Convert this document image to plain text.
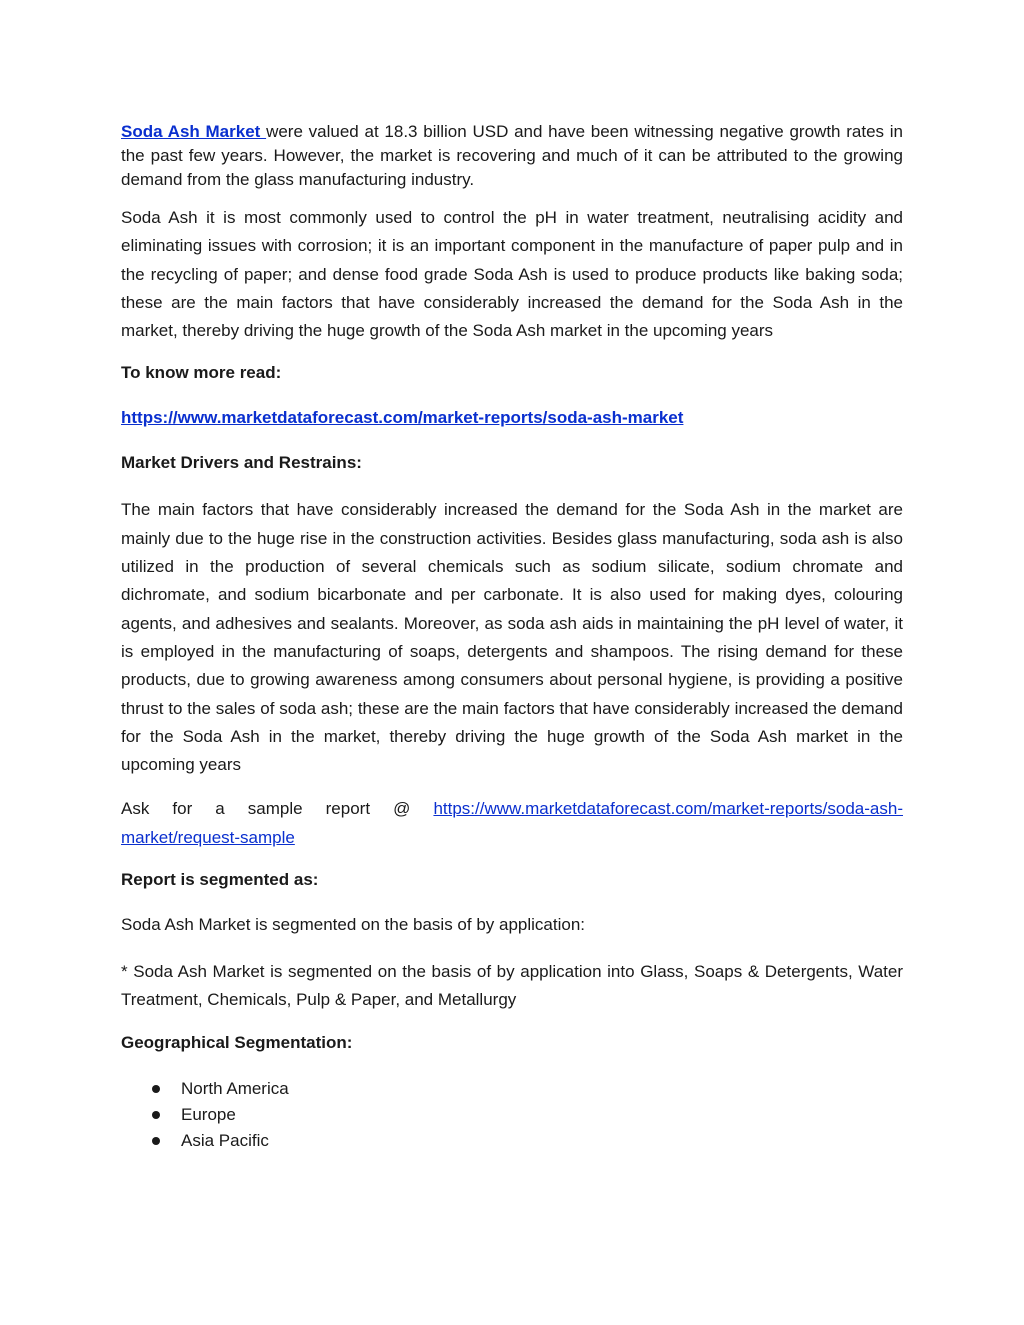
Soda Ash Market were valued at 18.3 billion USD and have been witnessing negative growth rates in the past few years. However, the market is recovering and much of it can be attributed to the growing demand from the glass manufacturing industry.

Soda Ash it is most commonly used to control the pH in water treatment, neutralising acidity and eliminating issues with corrosion; it is an important component in the manufacture of paper pulp and in the recycling of paper; and dense food grade Soda Ash is used to produce products like baking soda; these are the main factors that have considerably increased the demand for the Soda Ash in the market, thereby driving the huge growth of the Soda Ash market in the upcoming years

To know more read:

https://www.marketdataforecast.com/market-reports/soda-ash-market

Market Drivers and Restrains:

The main factors that have considerably increased the demand for the Soda Ash in the market are mainly due to the huge rise in the construction activities. Besides glass manufacturing, soda ash is also utilized in the production of several chemicals such as sodium silicate, sodium chromate and dichromate, and sodium bicarbonate and per carbonate. It is also used for making dyes, colouring agents, and adhesives and sealants. Moreover, as soda ash aids in maintaining the pH level of water, it is employed in the manufacturing of soaps, detergents and shampoos. The rising demand for these products, due to growing awareness among consumers about personal hygiene, is providing a positive thrust to the sales of soda ash; these are the main factors that have considerably increased the demand for the Soda Ash in the market, thereby driving the huge growth of the Soda Ash market in the upcoming years

Ask for a sample report @ https://www.marketdataforecast.com/market-reports/soda-ash-market/request-sample

Report is segmented as:

Soda Ash Market is segmented on the basis of by application:

* Soda Ash Market is segmented on the basis of by application into Glass, Soaps & Detergents, Water Treatment, Chemicals, Pulp & Paper, and Metallurgy

Geographical Segmentation:

North America
Europe
Asia Pacific
